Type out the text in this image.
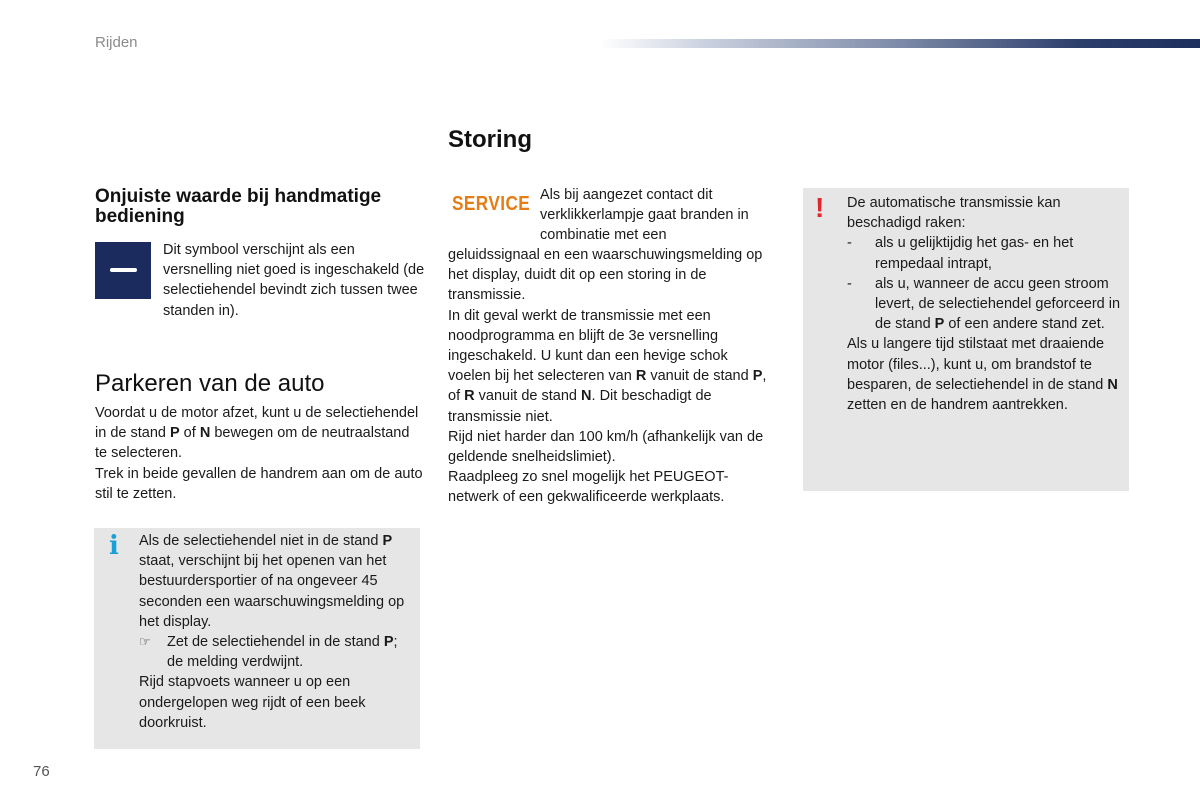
Rijden
Onjuiste waarde bij handmatige bediening
Dit symbool verschijnt als een versnelling niet goed is ingeschakeld (de selectiehendel bevindt zich tussen twee standen in).
Parkeren van de auto

Voordat u de motor afzet, kunt u de selectiehendel in de stand P of N bewegen om de neutraalstand te selecteren.

Trek in beide gevallen de handrem aan om de auto stil te zetten.

i Als de selectiehendel niet in de stand P staat, verschijnt bij het openen van het bestuurdersportier of na ongeveer 45 seconden een waarschuwingsmelding op het display.

☞	Zet de selectiehendel in de stand P; de melding verdwijnt.

Rijd stapvoets wanneer u op een ondergelopen weg rijdt of een beek doorkruist.

Storing
SERVICE Als bij aangezet contact dit verklikkerlampje gaat branden in combinatie met een

geluidssignaal en een waarschuwingsmelding op het display, duidt dit op een storing in de transmissie.

In dit geval werkt de transmissie met een noodprogramma en blijft de 3e versnelling ingeschakeld. U kunt dan een hevige schok voelen bij het selecteren van R vanuit de stand P, of R vanuit de stand N. Dit beschadigt de transmissie niet.

Rijd niet harder dan 100 km/h (afhankelijk van de geldende snelheidslimiet).

Raadpleeg zo snel mogelijk het PEUGEOT-netwerk of een gekwalificeerde werkplaats.

! De automatische transmissie kan beschadigd raken:

-	als u gelijktijdig het gas- en het rempedaal intrapt,
-	als u, wanneer de accu geen stroom levert, de selectiehendel geforceerd in de stand P of een andere stand zet.

Als u langere tijd stilstaat met draaiende motor (files...), kunt u, om brandstof te besparen, de selectiehendel in de stand N zetten en de handrem aantrekken.

76
